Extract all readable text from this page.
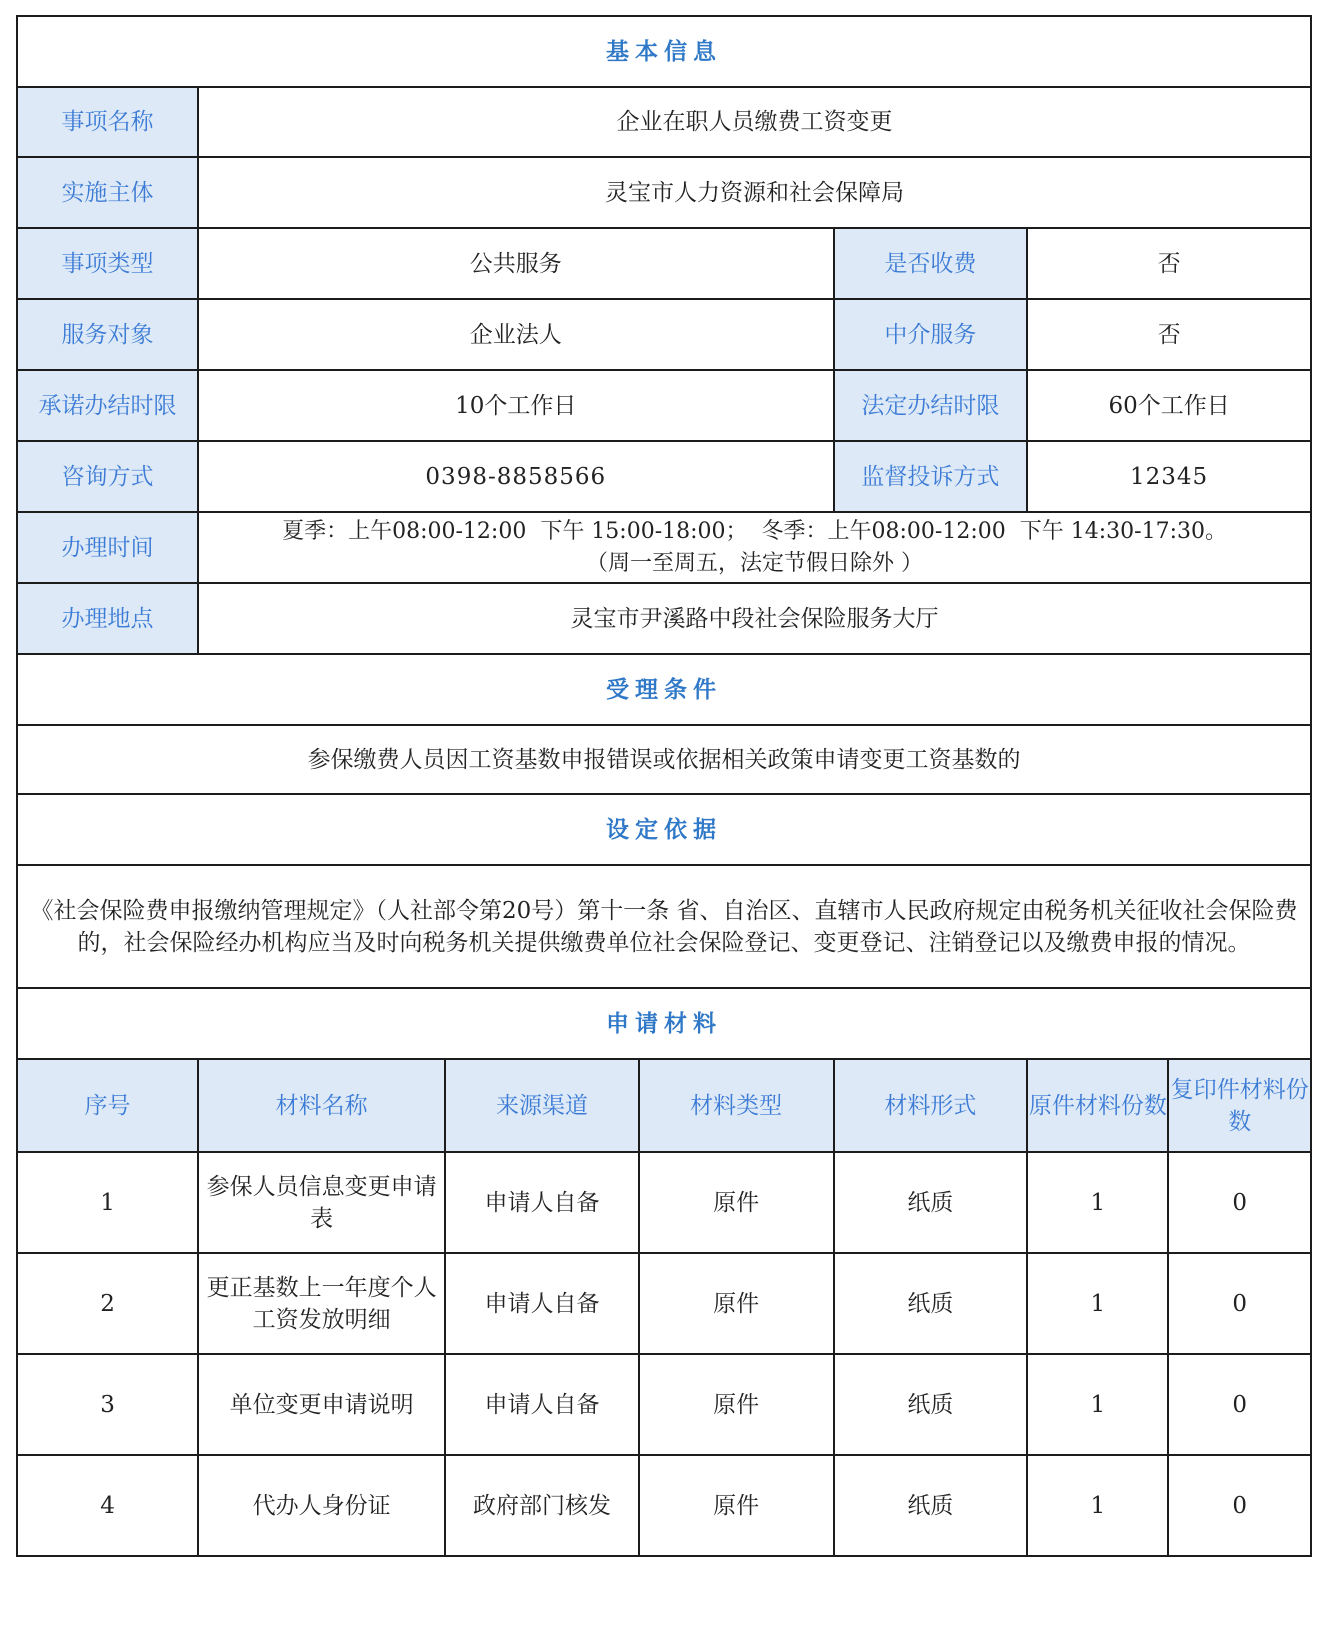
基本信息						
事项名称	企业在职人员缴费工资变更					
实施主体	灵宝市人力资源和社会保障局					
事项类型	公共服务			是否收费	否	
服务对象	企业法人			中介服务	否	
承诺办结时限	10个工作日			法定办结时限	60个工作日	
咨询方式	0398-8858566			监督投诉方式	12345	
办理时间	夏季：上午08:00-12:00  下午 15:00-18:00；  冬季：上午08:00-12:00  下午 14:30-17:30。
（周一至周五，法定节假日除外 ）					

办理地点	灵宝市尹溪路中段社会保险服务大厅					
受理条件						
参保缴费人员因工资基数申报错误或依据相关政策申请变更工资基数的						
设定依据						
《社会保险费申报缴纳管理规定》（人社部令第20号）第十一条 省、自治区、直辖市人民政府规定由税务机关征收社会保险费的，社会保险经办机构应当及时向税务机关提供缴费单位社会保险登记、变更登记、注销登记以及缴费申报的情况。						
申请材料						
序号	材料名称	来源渠道	材料类型	材料形式	原件材料份数	复印件材料份数
1	参保人员信息变更申请表	申请人自备	原件	纸质	1	0
2	更正基数上一年度个人工资发放明细	申请人自备	原件	纸质	1	0
3	单位变更申请说明	申请人自备	原件	纸质	1	0
4	代办人身份证	政府部门核发	原件	纸质	1	0
